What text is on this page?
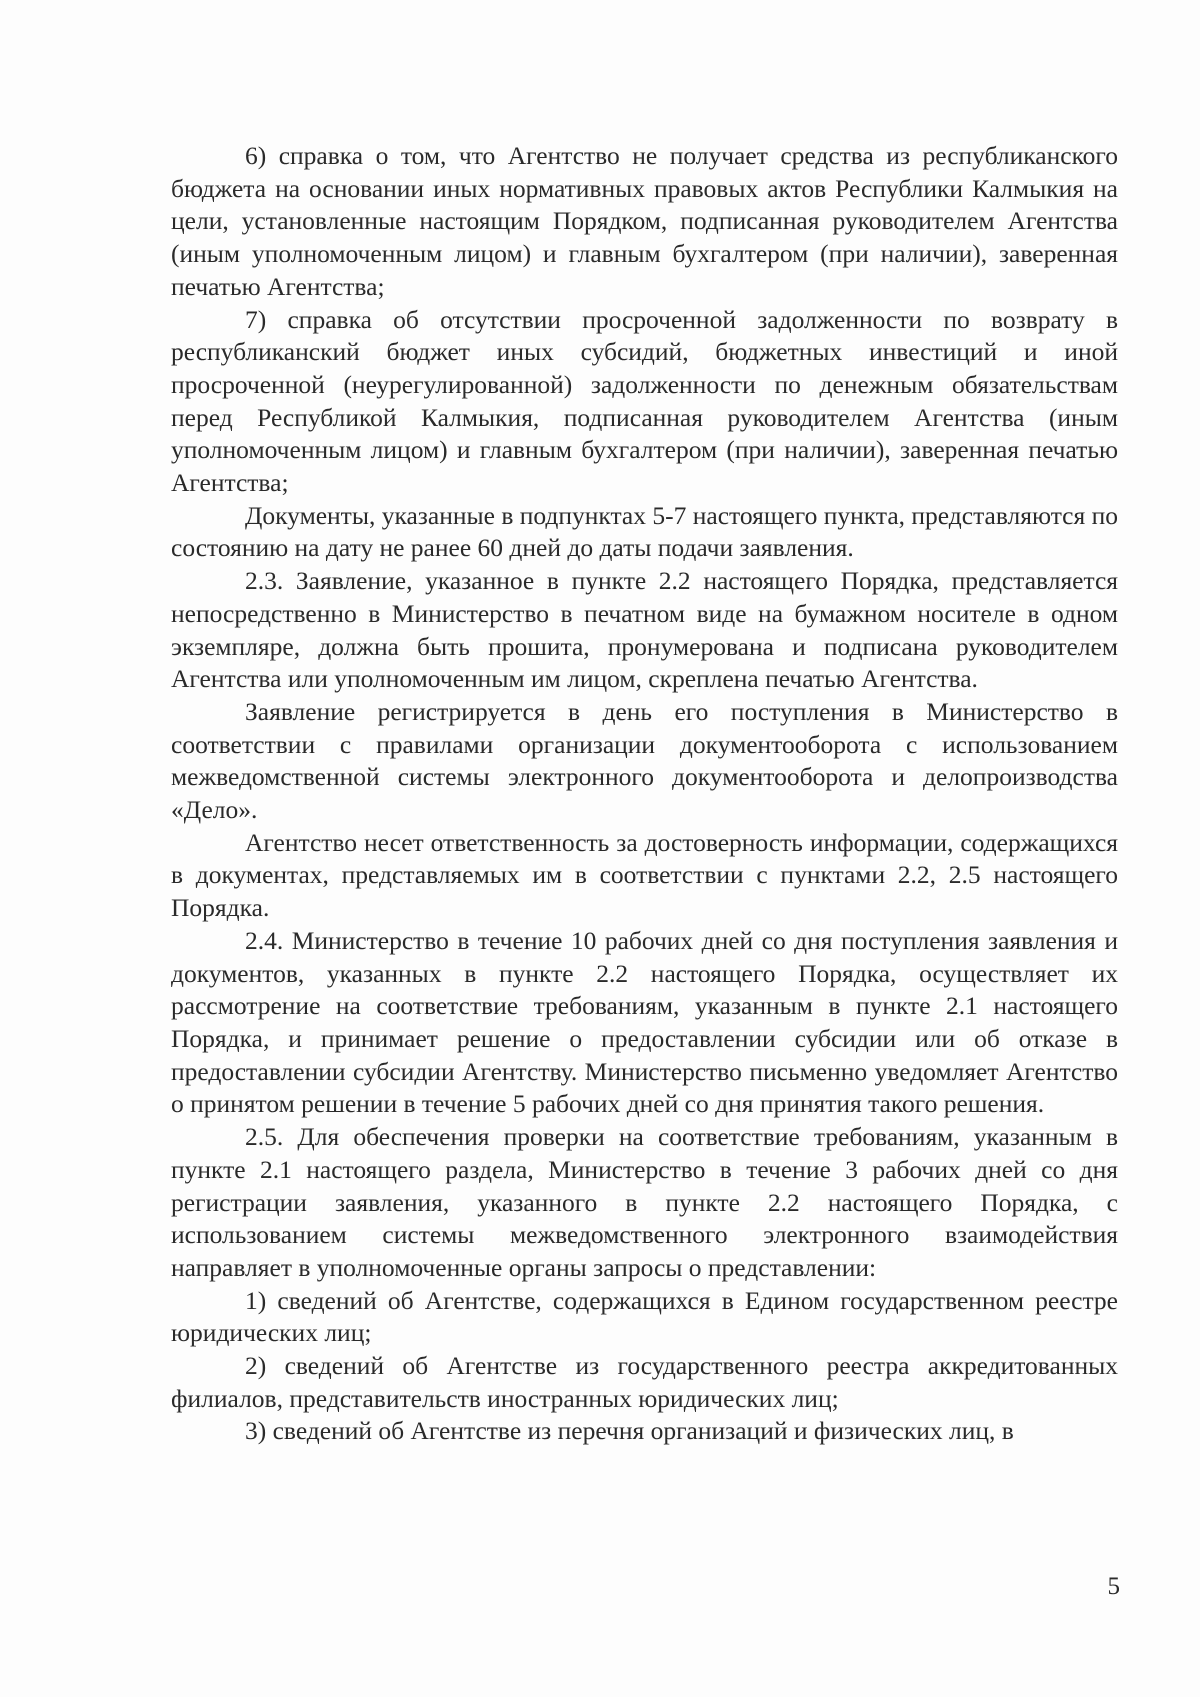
6) справка о том, что Агентство не получает средства из республиканского бюджета на основании иных нормативных правовых актов Республики Калмыкия на цели, установленные настоящим Порядком, подписанная руководителем Агентства (иным уполномоченным лицом) и главным бухгалтером (при наличии), заверенная печатью Агентства;

7) справка об отсутствии просроченной задолженности по возврату в республиканский бюджет иных субсидий, бюджетных инвестиций и иной просроченной (неурегулированной) задолженности по денежным обязательствам перед Республикой Калмыкия, подписанная руководителем Агентства (иным уполномоченным лицом) и главным бухгалтером (при наличии), заверенная печатью Агентства;

Документы, указанные в подпунктах 5-7 настоящего пункта, представляются по состоянию на дату не ранее 60 дней до даты подачи заявления.

2.3. Заявление, указанное в пункте 2.2 настоящего Порядка, представляется непосредственно в Министерство в печатном виде на бумажном носителе в одном экземпляре, должна быть прошита, пронумерована и подписана руководителем Агентства или уполномоченным им лицом, скреплена печатью Агентства.

Заявление регистрируется в день его поступления в Министерство в соответствии с правилами организации документооборота с использованием межведомственной системы электронного документооборота и делопроизводства «Дело».

Агентство несет ответственность за достоверность информации, содержащихся в документах, представляемых им в соответствии с пунктами 2.2, 2.5 настоящего Порядка.

2.4. Министерство в течение 10 рабочих дней со дня поступления заявления и документов, указанных в пункте 2.2 настоящего Порядка, осуществляет их рассмотрение на соответствие требованиям, указанным в пункте 2.1 настоящего Порядка, и принимает решение о предоставлении субсидии или об отказе в предоставлении субсидии Агентству. Министерство письменно уведомляет Агентство о принятом решении в течение 5 рабочих дней со дня принятия такого решения.

2.5. Для обеспечения проверки на соответствие требованиям, указанным в пункте 2.1 настоящего раздела, Министерство в течение 3 рабочих дней со дня регистрации заявления, указанного в пункте 2.2 настоящего Порядка, с использованием системы межведомственного электронного взаимодействия направляет в уполномоченные органы запросы о представлении:

1) сведений об Агентстве, содержащихся в Едином государственном реестре юридических лиц;

2) сведений об Агентстве из государственного реестра аккредитованных филиалов, представительств иностранных юридических лиц;

3) сведений об Агентстве из перечня организаций и физических лиц, в

5
